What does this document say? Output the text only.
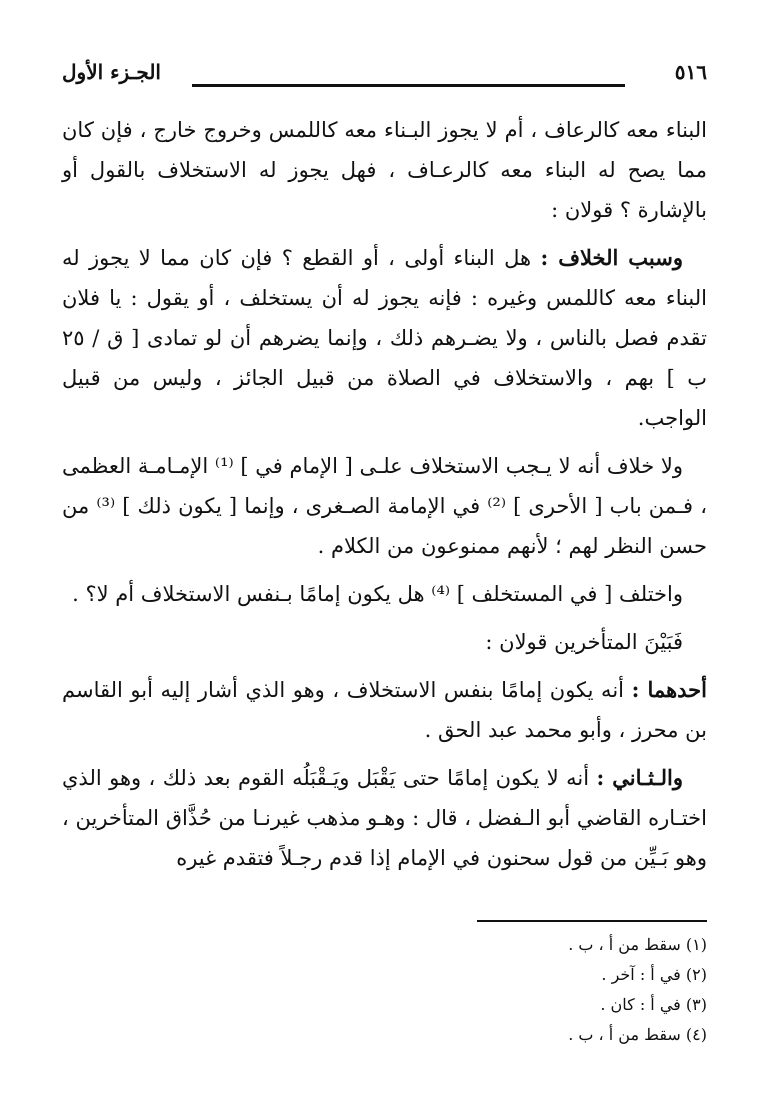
٥١٦
الجـزء الأول

البناء معه كالرعاف ، أم لا يجوز البـناء معه كاللمس وخروج خارج ، فإن كان مما يصح له البناء معه كالرعـاف ، فهل يجوز له الاستخلاف بالقول أو بالإشارة ؟ قولان :

وسبب الخلاف : هل البناء أولى ، أو القطع ؟ فإن كان مما لا يجوز له البناء معه كاللمس وغيره : فإنه يجوز له أن يستخلف ، أو يقول : يا فلان تقدم فصل بالناس ، ولا يضـرهم ذلك ، وإنما يضرهم أن لو تمادى [ ق / ٢٥ ب ] بهم ، والاستخلاف في الصلاة من قبيل الجائز ، وليس من قبيل الواجب.

ولا خلاف أنه لا يـجب الاستخلاف علـى [ الإمام في ] ⁽¹⁾ الإمـامـة العظمى ، فـمن باب [ الأحرى ] ⁽²⁾ في الإمامة الصـغرى ، وإنما [ يكون ذلك ] ⁽³⁾ من حسن النظر لهم ؛ لأنهم ممنوعون من الكلام .

واختلف [ في المستخلف ] ⁽⁴⁾ هل يكون إمامًا بـنفس الاستخلاف أم لا؟ .

فَبَيْنَ المتأخرين قولان :

أحدهما : أنه يكون إمامًا بنفس الاستخلاف ، وهو الذي أشار إليه أبو القاسم بن محرز ، وأبو محمد عبد الحق .

والـثـاني : أنه لا يكون إمامًا حتى يَقْبَل ويَـقْبَلُه القوم بعد ذلك ، وهو الذي اختـاره القاضي أبو الـفضل ، قال : وهـو مذهب غيرنـا من حُذَّاق المتأخرين ، وهو بَـيِّن من قول سحنون في الإمام إذا قدم رجـلاً فتقدم غيره

(١) سقط من أ ، ب .
(٢) في أ : آخر .
(٣) في أ : كان .
(٤) سقط من أ ، ب .
